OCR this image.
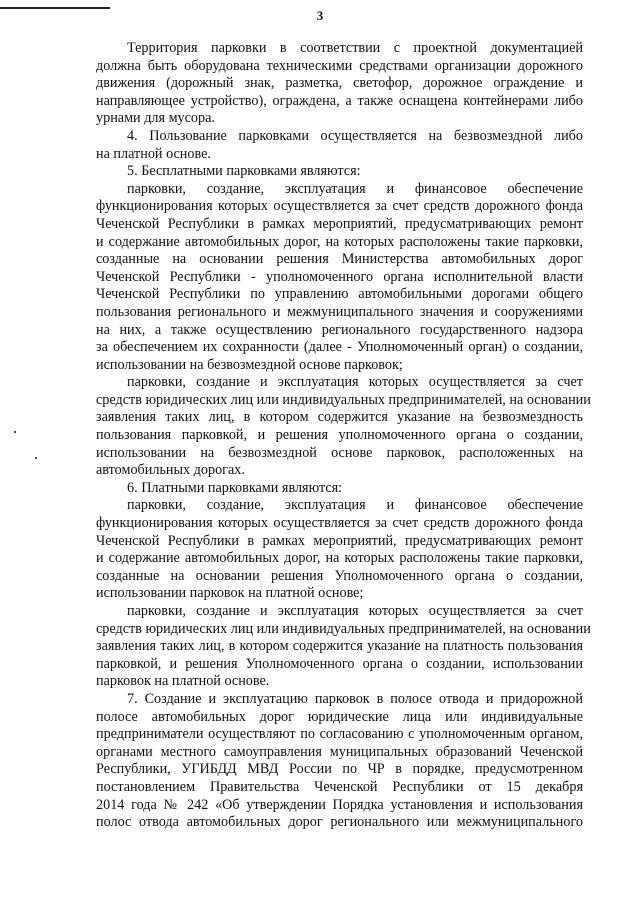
3
Территория парковки в соответствии с проектной документацией
должна быть оборудована техническими средствами организации дорожного
движения (дорожный знак, разметка, светофор, дорожное ограждение и
направляющее устройство), ограждена, а также оснащена контейнерами либо
урнами для мусора.
4. Пользование парковками осуществляется на безвозмездной либо
на платной основе.
5. Бесплатными парковками являются:
парковки, создание, эксплуатация и финансовое обеспечение
функционирования которых осуществляется за счет средств дорожного фонда
Чеченской Республики в рамках мероприятий, предусматривающих ремонт
и содержание автомобильных дорог, на которых расположены такие парковки,
созданные на основании решения Министерства автомобильных дорог
Чеченской Республики - уполномоченного органа исполнительной власти
Чеченской Республики по управлению автомобильными дорогами общего
пользования регионального и межмуниципального значения и сооружениями
на них, а также осуществлению регионального государственного надзора
за обеспечением их сохранности (далее - Уполномоченный орган) о создании,
использовании на безвозмездной основе парковок;
парковки, создание и эксплуатация которых осуществляется за счет
средств юридических лиц или индивидуальных предпринимателей, на основании
заявления таких лиц, в котором содержится указание на безвозмездность
пользования парковкой, и решения уполномоченного органа о создании,
использовании на безвозмездной основе парковок, расположенных на
автомобильных дорогах.
6. Платными парковками являются:
парковки, создание, эксплуатация и финансовое обеспечение
функционирования которых осуществляется за счет средств дорожного фонда
Чеченской Республики в рамках мероприятий, предусматривающих ремонт
и содержание автомобильных дорог, на которых расположены такие парковки,
созданные на основании решения Уполномоченного органа о создании,
использовании парковок на платной основе;
парковки, создание и эксплуатация которых осуществляется за счет
средств юридических лиц или индивидуальных предпринимателей, на основании
заявления таких лиц, в котором содержится указание на платность пользования
парковкой, и решения Уполномоченного органа о создании, использовании
парковок на платной основе.
7. Создание и эксплуатацию парковок в полосе отвода и придорожной
полосе автомобильных дорог юридические лица или индивидуальные
предприниматели осуществляют по согласованию с уполномоченным органом,
органами местного самоуправления муниципальных образований Чеченской
Республики, УГИБДД МВД России по ЧР в порядке, предусмотренном
постановлением Правительства Чеченской Республики от 15 декабря
2014 года № 242 «Об утверждении Порядка установления и использования
полос отвода автомобильных дорог регионального или межмуниципального
